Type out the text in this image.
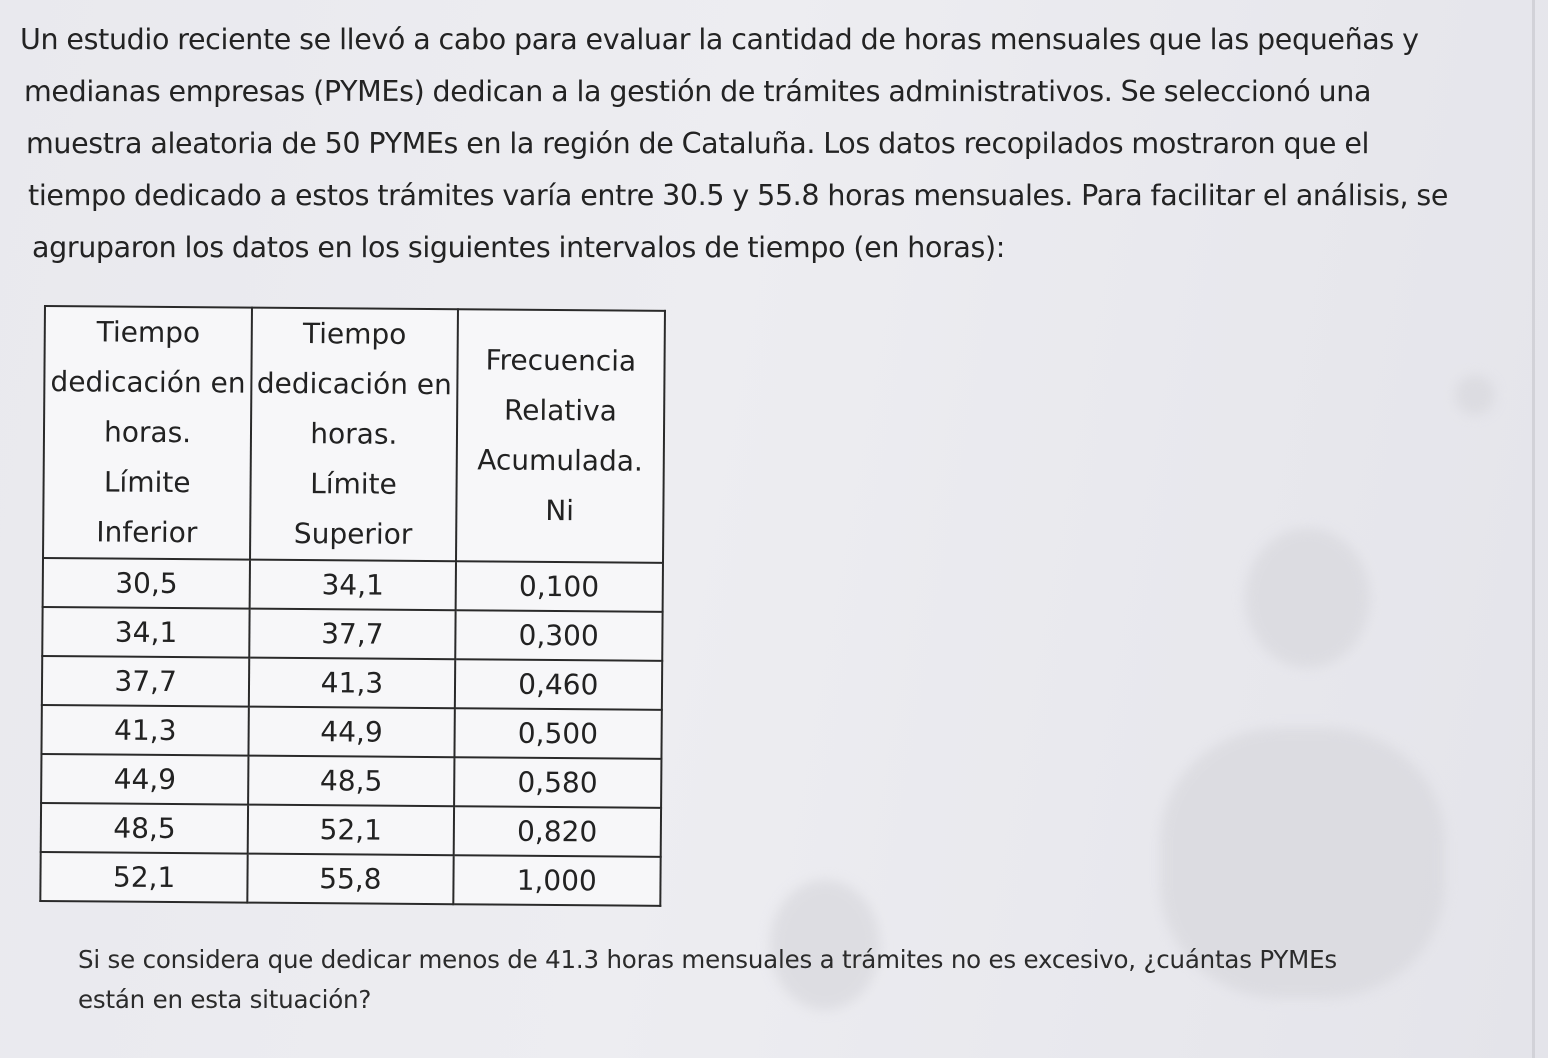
Un estudio reciente se llevó a cabo para evaluar la cantidad de horas mensuales que las pequeñas y
medianas empresas (PYMEs) dedican a la gestión de trámites administrativos. Se seleccionó una
muestra aleatoria de 50 PYMEs en la región de Cataluña. Los datos recopilados mostraron que el
tiempo dedicado a estos trámites varía entre 30.5 y 55.8 horas mensuales. Para facilitar el análisis, se
agruparon los datos en los siguientes intervalos de tiempo (en horas):

Tiempo
dedicación en
horas.
Límite
Inferior	Tiempo
dedicación en
horas.
Límite
Superior	Frecuencia
Relativa
Acumulada.
Ni

30,5	34,1	0,100
34,1	37,7	0,300
37,7	41,3	0,460
41,3	44,9	0,500
44,9	48,5	0,580
48,5	52,1	0,820
52,1	55,8	1,000

Si se considera que dedicar menos de 41.3 horas mensuales a trámites no es excesivo, ¿cuántas PYMEs
están en esta situación?
